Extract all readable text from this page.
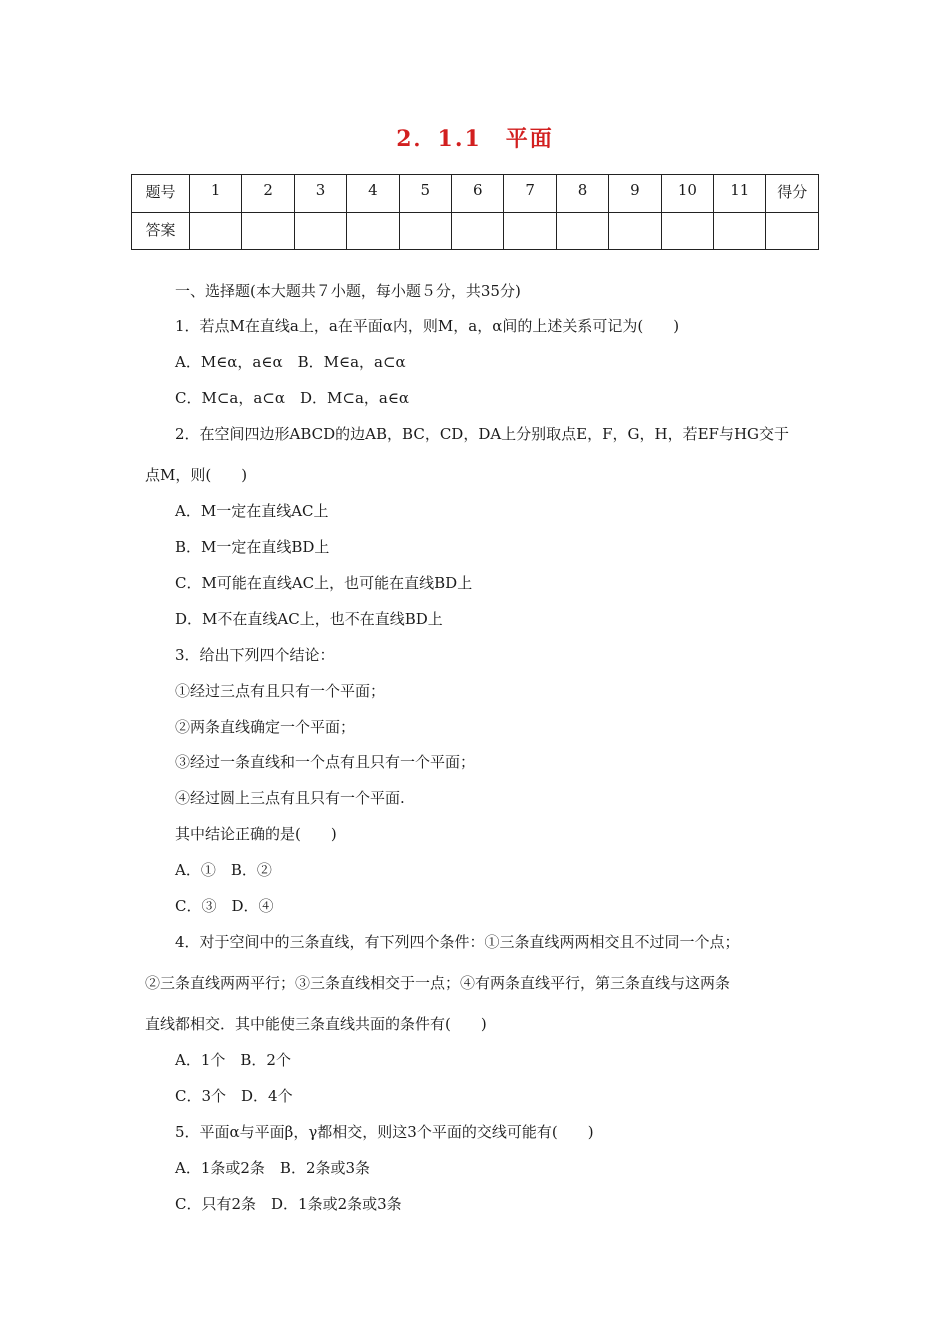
2．1.1　平面
题号	1	2	3	4	5	6	7	8	9	10	11	得分
答案												
一、选择题(本大题共７小题，每小题５分，共35分)
1．若点M在直线a上，a在平面α内，则M，a，α间的上述关系可记为(　　)
A．M∈α，a∈α　B．M∈a，a⊂α
C．M⊂a，a⊂α　D．M⊂a，a∈α
2．在空间四边形ABCD的边AB，BC，CD，DA上分别取点E，F，G，H，若EF与HG交于
点M，则(　　)
A．M一定在直线AC上
B．M一定在直线BD上
C．M可能在直线AC上，也可能在直线BD上
D．M不在直线AC上，也不在直线BD上
3．给出下列四个结论：
①经过三点有且只有一个平面；
②两条直线确定一个平面；
③经过一条直线和一个点有且只有一个平面；
④经过圆上三点有且只有一个平面.
其中结论正确的是(　　)
A．①　B．②
C．③　D．④
4．对于空间中的三条直线，有下列四个条件：①三条直线两两相交且不过同一个点；
②三条直线两两平行；③三条直线相交于一点；④有两条直线平行，第三条直线与这两条
直线都相交．其中能使三条直线共面的条件有(　　)
A．1个　B．2个
C．3个　D．4个
5．平面α与平面β，γ都相交，则这3个平面的交线可能有(　　)
A．1条或2条　B．2条或3条
C．只有2条　D．1条或2条或3条
